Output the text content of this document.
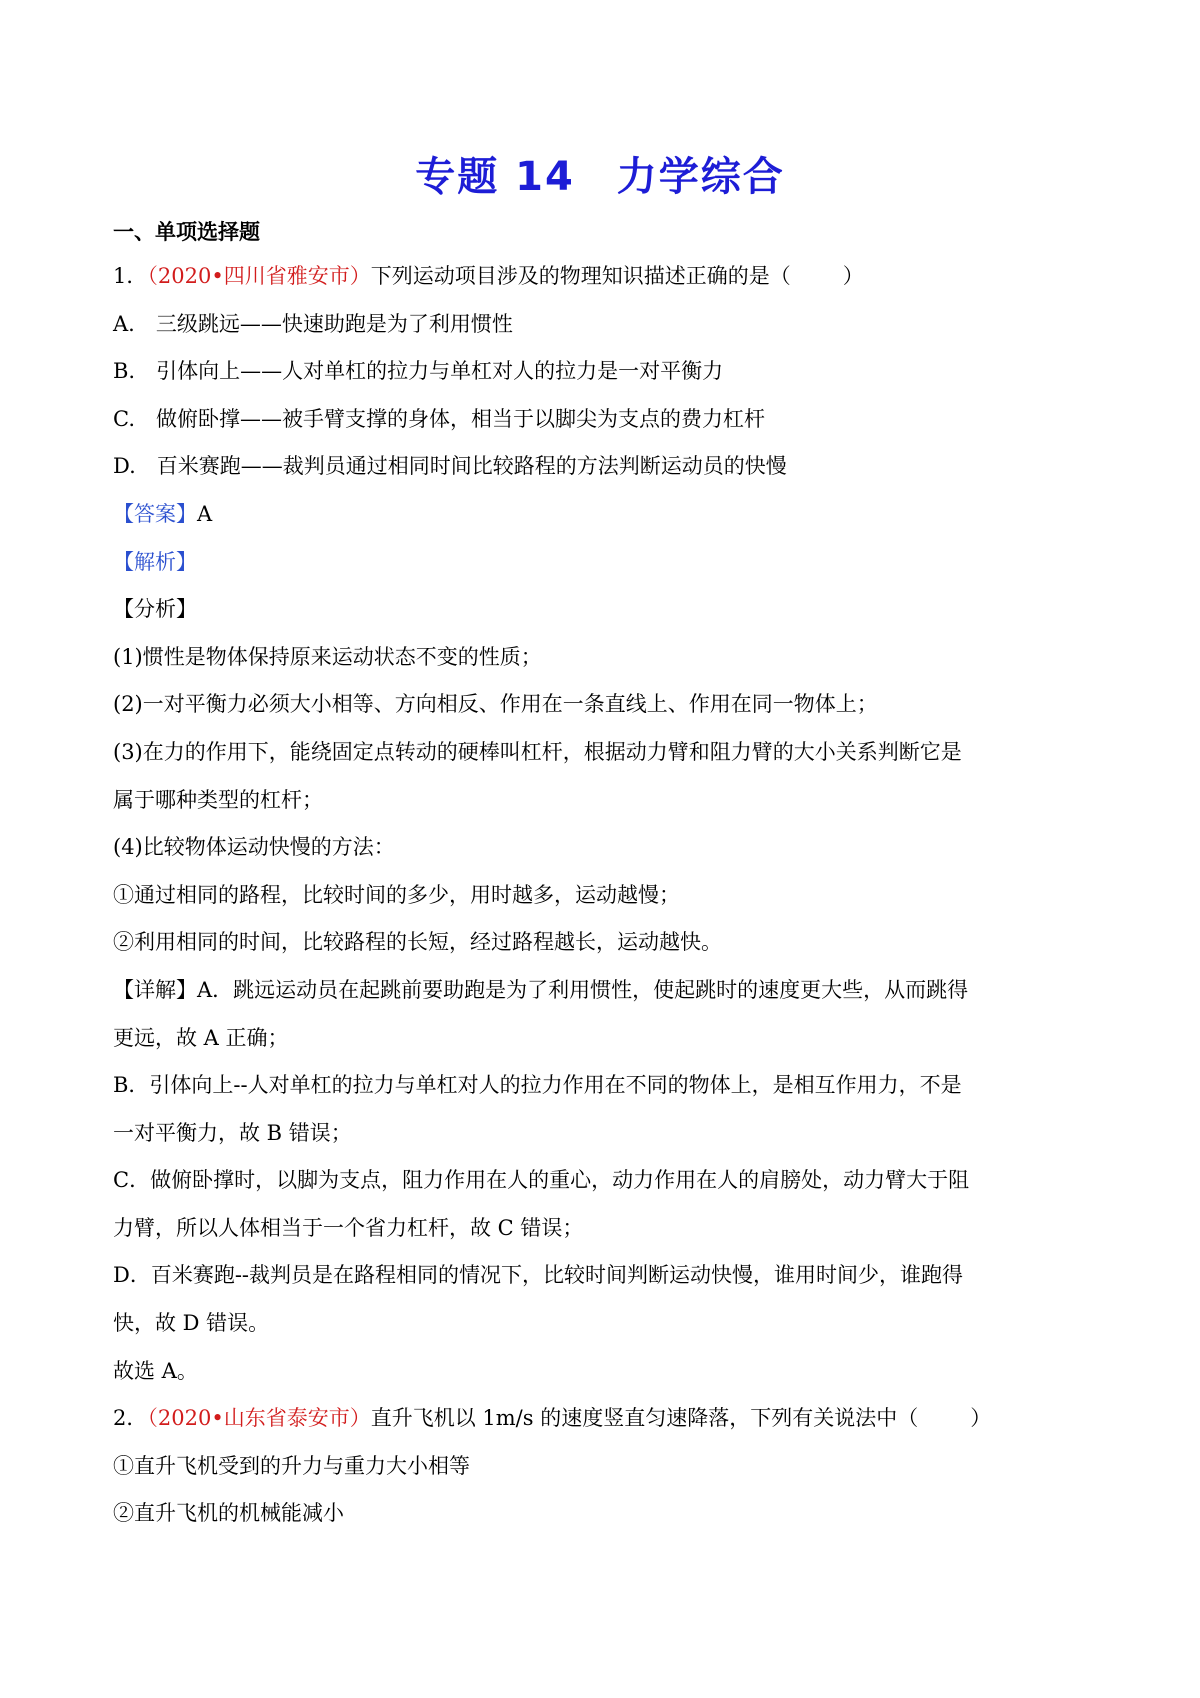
专题 14　力学综合
一、单项选择题
1．（2020•四川省雅安市）下列运动项目涉及的物理知识描述正确的是（ ）
A.　三级跳远——快速助跑是为了利用惯性
B.　引体向上——人对单杠的拉力与单杠对人的拉力是一对平衡力
C.　做俯卧撑——被手臂支撑的身体，相当于以脚尖为支点的费力杠杆
D.　百米赛跑——裁判员通过相同时间比较路程的方法判断运动员的快慢
【答案】A
【解析】
【分析】
(1)惯性是物体保持原来运动状态不变的性质；
(2)一对平衡力必须大小相等、方向相反、作用在一条直线上、作用在同一物体上；
(3)在力的作用下，能绕固定点转动的硬棒叫杠杆，根据动力臂和阻力臂的大小关系判断它是
属于哪种类型的杠杆；
(4)比较物体运动快慢的方法：
①通过相同的路程，比较时间的多少，用时越多，运动越慢；
②利用相同的时间，比较路程的长短，经过路程越长，运动越快。
【详解】A．跳远运动员在起跳前要助跑是为了利用惯性，使起跳时的速度更大些，从而跳得
更远，故 A 正确；
B．引体向上--人对单杠的拉力与单杠对人的拉力作用在不同的物体上，是相互作用力，不是
一对平衡力，故 B 错误；
C．做俯卧撑时，以脚为支点，阻力作用在人的重心，动力作用在人的肩膀处，动力臂大于阻
力臂，所以人体相当于一个省力杠杆，故 C 错误；
D．百米赛跑--裁判员是在路程相同的情况下，比较时间判断运动快慢，谁用时间少，谁跑得
快，故 D 错误。
故选 A。
2．（2020•山东省泰安市）直升飞机以 1m/s 的速度竖直匀速降落，下列有关说法中（ ）
①直升飞机受到的升力与重力大小相等
②直升飞机的机械能减小
